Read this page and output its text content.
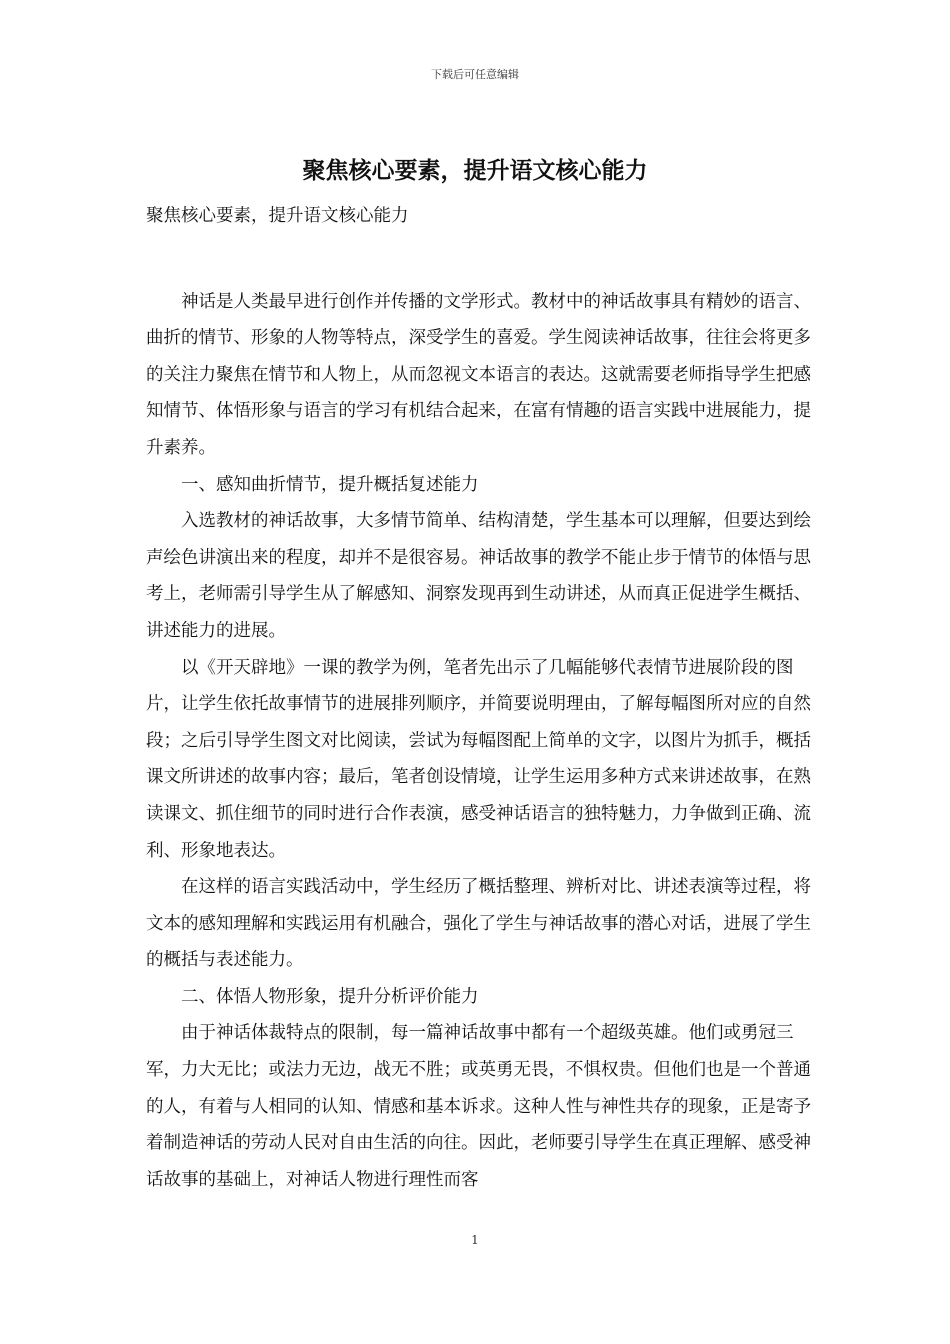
下载后可任意编辑
聚焦核心要素，提升语文核心能力

聚焦核心要素，提升语文核心能力

神话是人类最早进行创作并传播的文学形式。教材中的神话故事具有精妙的语言、曲折的情节、形象的人物等特点，深受学生的喜爱。学生阅读神话故事，往往会将更多的关注力聚焦在情节和人物上，从而忽视文本语言的表达。这就需要老师指导学生把感知情节、体悟形象与语言的学习有机结合起来，在富有情趣的语言实践中进展能力，提升素养。

一、感知曲折情节，提升概括复述能力

入选教材的神话故事，大多情节简单、结构清楚，学生基本可以理解，但要达到绘声绘色讲演出来的程度，却并不是很容易。神话故事的教学不能止步于情节的体悟与思考上，老师需引导学生从了解感知、洞察发现再到生动讲述，从而真正促进学生概括、讲述能力的进展。

以《开天辟地》一课的教学为例，笔者先出示了几幅能够代表情节进展阶段的图片，让学生依托故事情节的进展排列顺序，并简要说明理由，了解每幅图所对应的自然段；之后引导学生图文对比阅读，尝试为每幅图配上简单的文字，以图片为抓手，概括课文所讲述的故事内容；最后，笔者创设情境，让学生运用多种方式来讲述故事，在熟读课文、抓住细节的同时进行合作表演，感受神话语言的独特魅力，力争做到正确、流利、形象地表达。

在这样的语言实践活动中，学生经历了概括整理、辨析对比、讲述表演等过程，将文本的感知理解和实践运用有机融合，强化了学生与神话故事的潜心对话，进展了学生的概括与表述能力。

二、体悟人物形象，提升分析评价能力

由于神话体裁特点的限制，每一篇神话故事中都有一个超级英雄。他们或勇冠三军，力大无比；或法力无边，战无不胜；或英勇无畏，不惧权贵。但他们也是一个普通的人，有着与人相同的认知、情感和基本诉求。这种人性与神性共存的现象，正是寄予着制造神话的劳动人民对自由生活的向往。因此，老师要引导学生在真正理解、感受神话故事的基础上，对神话人物进行理性而客

1
